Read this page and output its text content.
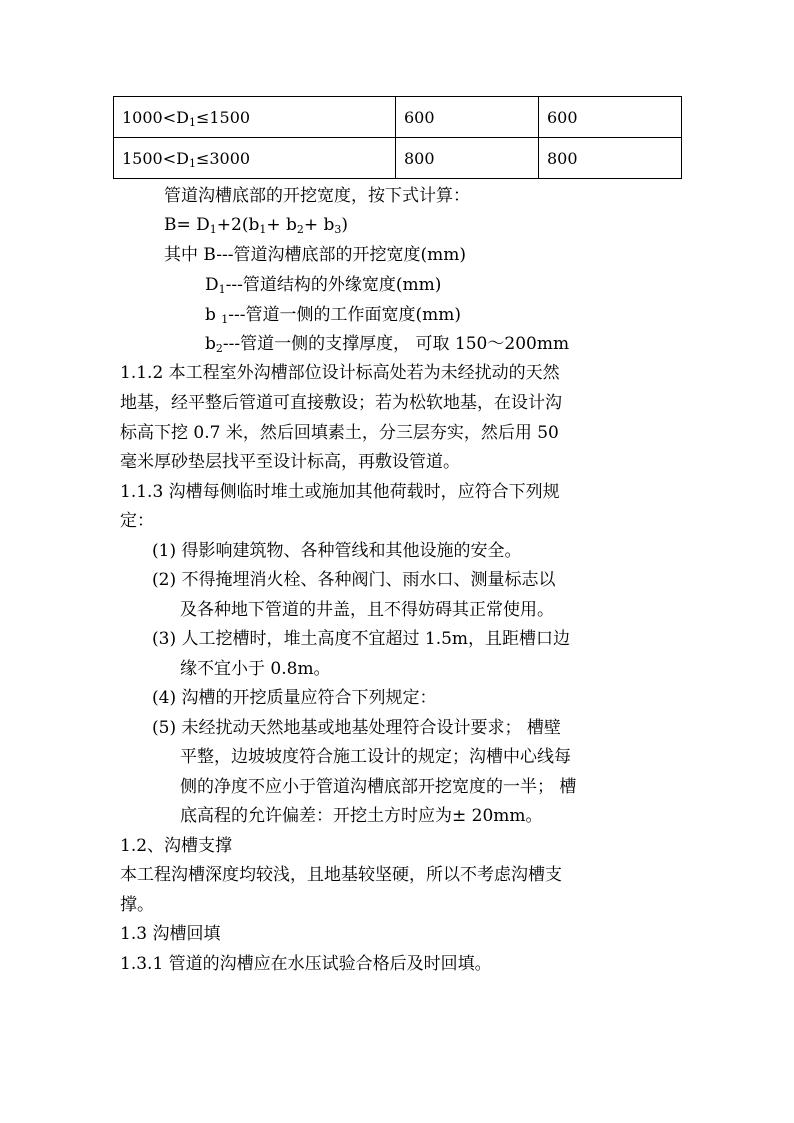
$1000<D_1\le 1500$	600	600
$1500<D_1\le 3000$	800	800
管道沟槽底部的开挖宽度，按下式计算：
$B= D_1+2(b_1+ b_2+ b_3)$
其中 B---管道沟槽底部的开挖宽度(mm)
$D_1---$管道结构的外缘宽度(mm)
b $_1$---管道一侧的工作面宽度(mm)
$b_2---$管道一侧的支撑厚度， 可取 150～200mm
1.1.2 本工程室外沟槽部位设计标高处若为未经扰动的天然
地基，经平整后管道可直接敷设；若为松软地基，在设计沟
标高下挖 0.7 米，然后回填素土，分三层夯实，然后用 50
毫米厚砂垫层找平至设计标高，再敷设管道。
1.1.3 沟槽每侧临时堆土或施加其他荷载时，应符合下列规
定：
(1) 得影响建筑物、各种管线和其他设施的安全。
(2) 不得掩埋消火栓、各种阀门、雨水口、测量标志以
及各种地下管道的井盖，且不得妨碍其正常使用。
(3) 人工挖槽时，堆土高度不宜超过 1.5m，且距槽口边
缘不宜小于 0.8m。
(4) 沟槽的开挖质量应符合下列规定：
(5) 未经扰动天然地基或地基处理符合设计要求； 槽壁
平整，边坡坡度符合施工设计的规定；沟槽中心线每
侧的净度不应小于管道沟槽底部开挖宽度的一半； 槽
底高程的允许偏差：开挖土方时应为± 20mm。
1.2、沟槽支撑
本工程沟槽深度均较浅，且地基较坚硬，所以不考虑沟槽支
撑。
1.3 沟槽回填
1.3.1 管道的沟槽应在水压试验合格后及时回填。
